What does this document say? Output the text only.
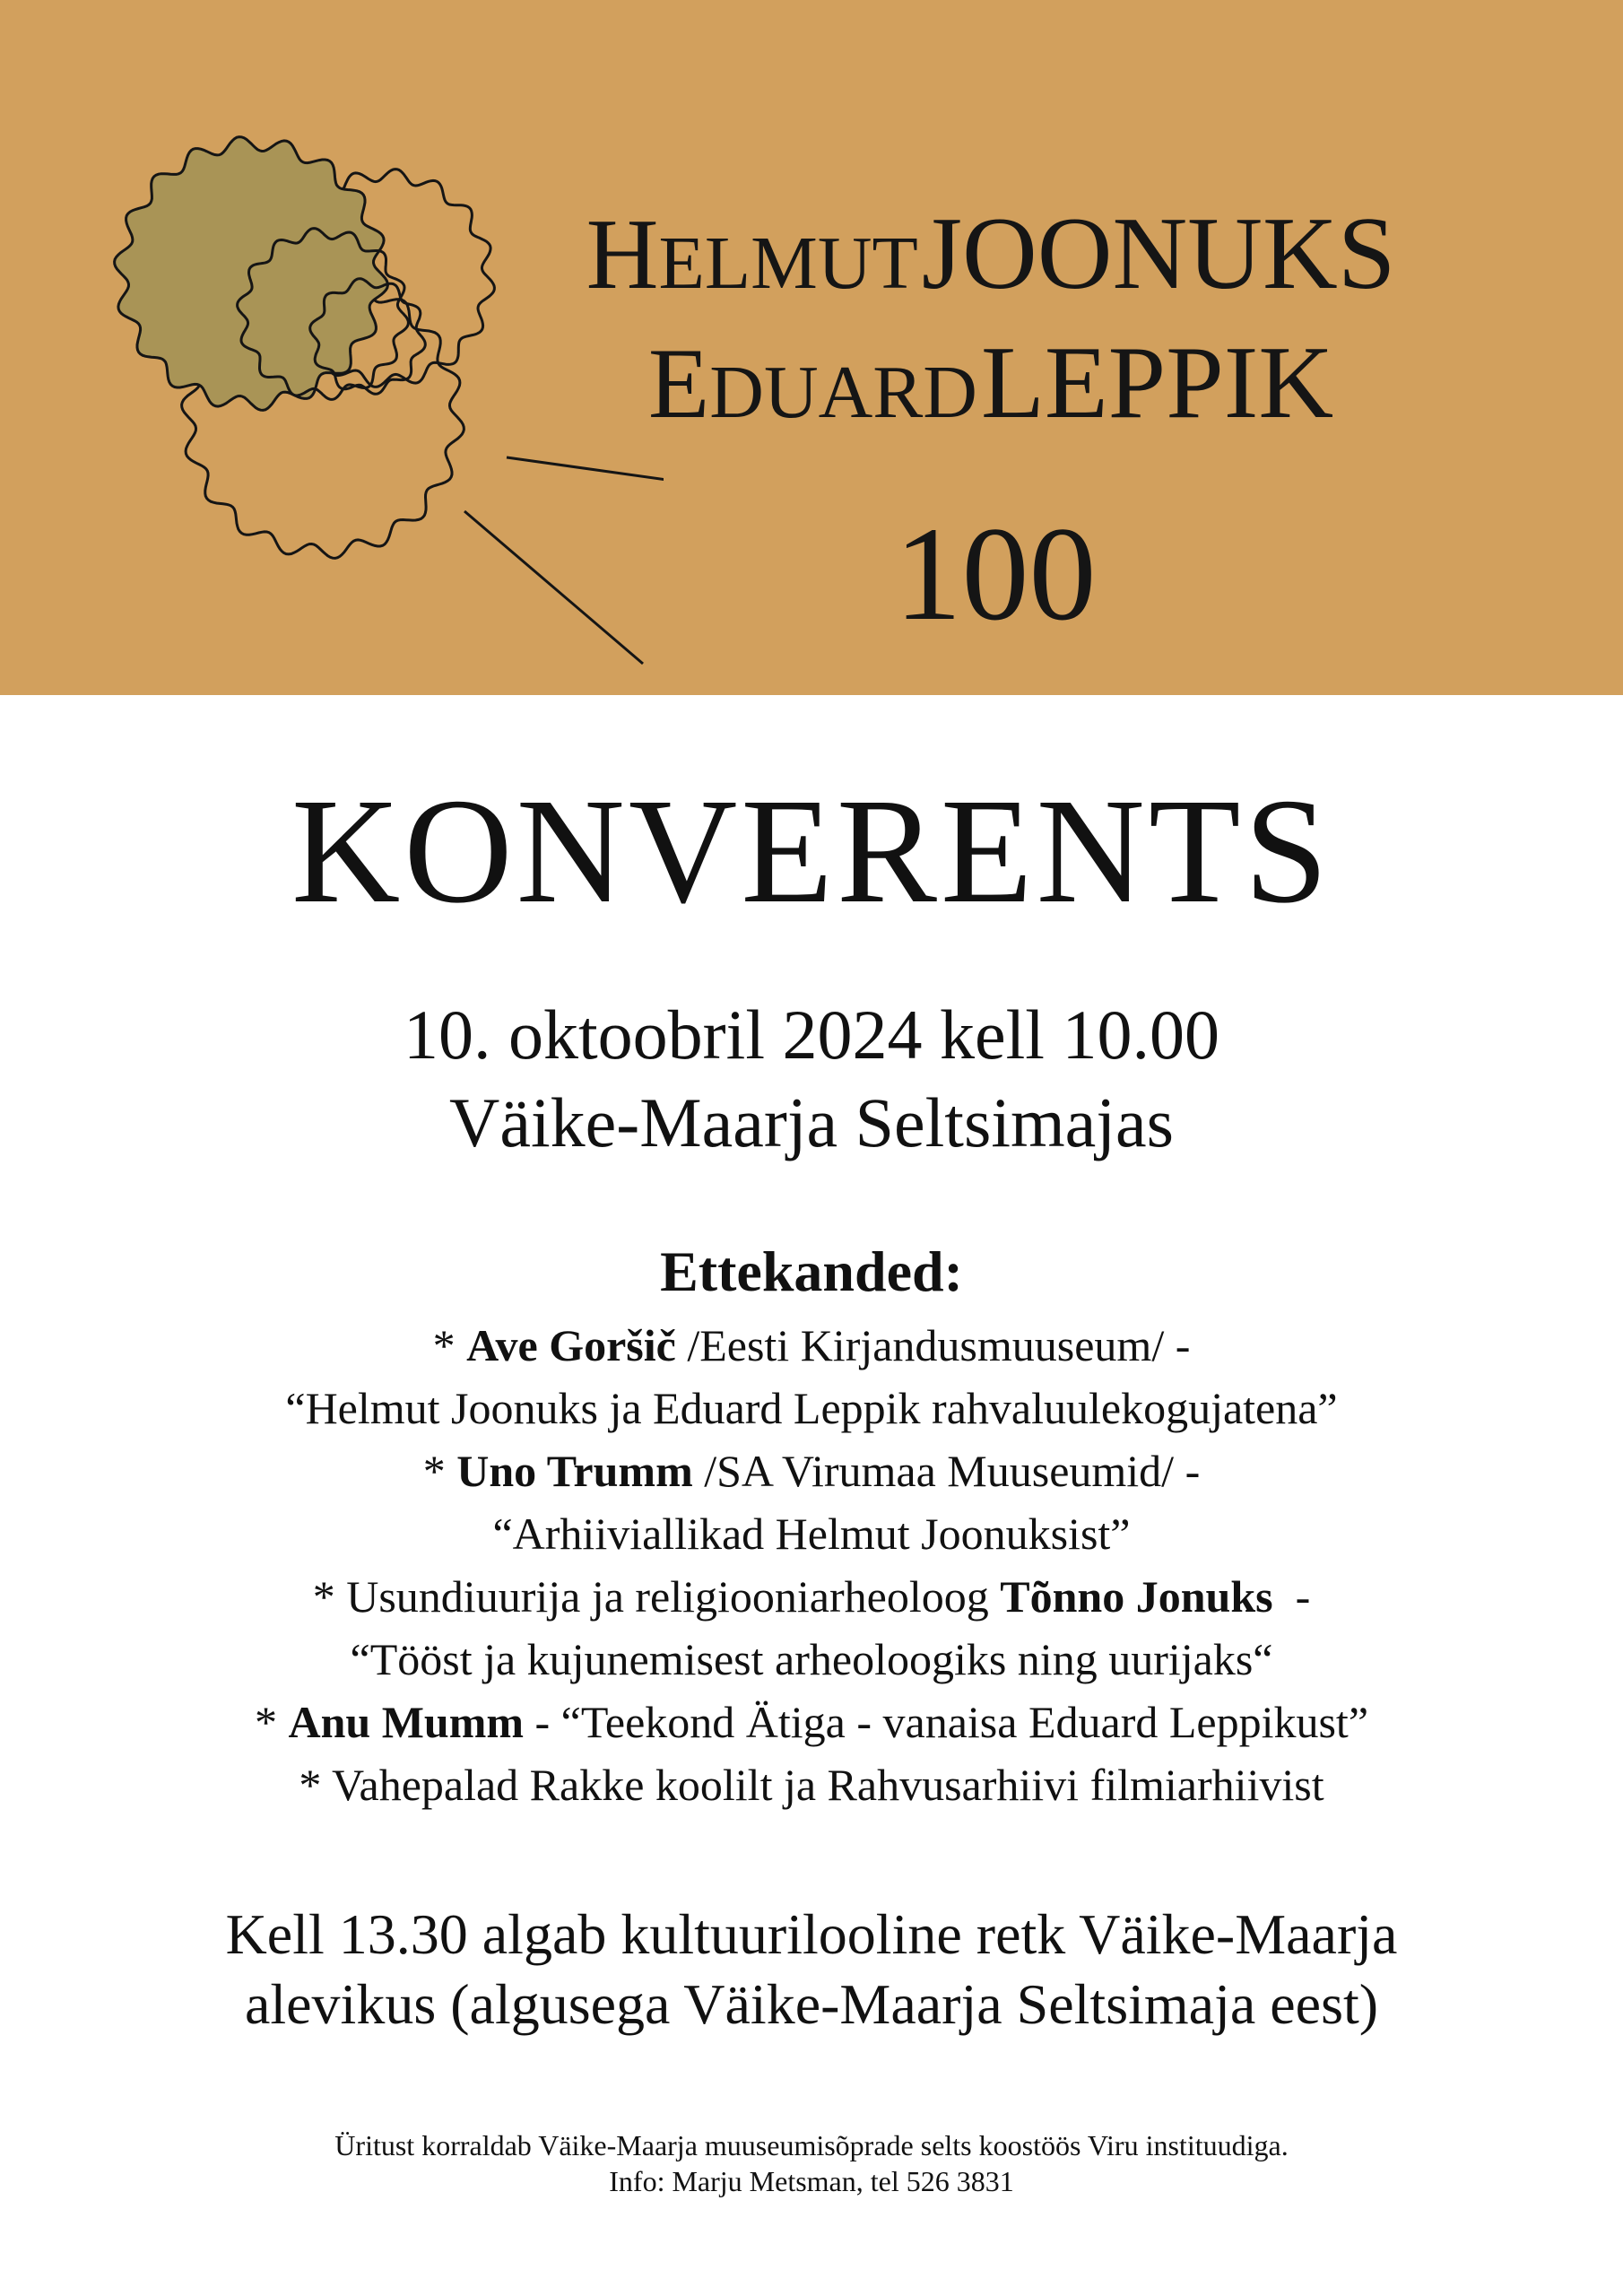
HELMUT JOONUKS
EDUARD LEPPIK
100
KONVERENTS
10. oktoobril 2024 kell 10.00
Väike-Maarja Seltsimajas
Ettekanded:
* Ave Goršič /Eesti Kirjandusmuuseum/ -
“Helmut Joonuks ja Eduard Leppik rahvaluulekogujatena”
* Uno Trumm /SA Virumaa Muuseumid/ -
“Arhiiviallikad Helmut Joonuksist”
* Usundiuurija ja religiooniarheoloog Tõnno Jonuks  -
“Tööst ja kujunemisest arheoloogiks ning uurijaks“
* Anu Mumm - “Teekond Ätiga - vanaisa Eduard Leppikust”
* Vahepalad Rakke koolilt ja Rahvusarhiivi filmiarhiivist
Kell 13.30 algab kultuurilooline retk Väike-Maarja
alevikus (algusega Väike-Maarja Seltsimaja eest)
Üritust korraldab Väike-Maarja muuseumisõprade selts koostöös Viru instituudiga.
Info: Marju Metsman, tel 526 3831
